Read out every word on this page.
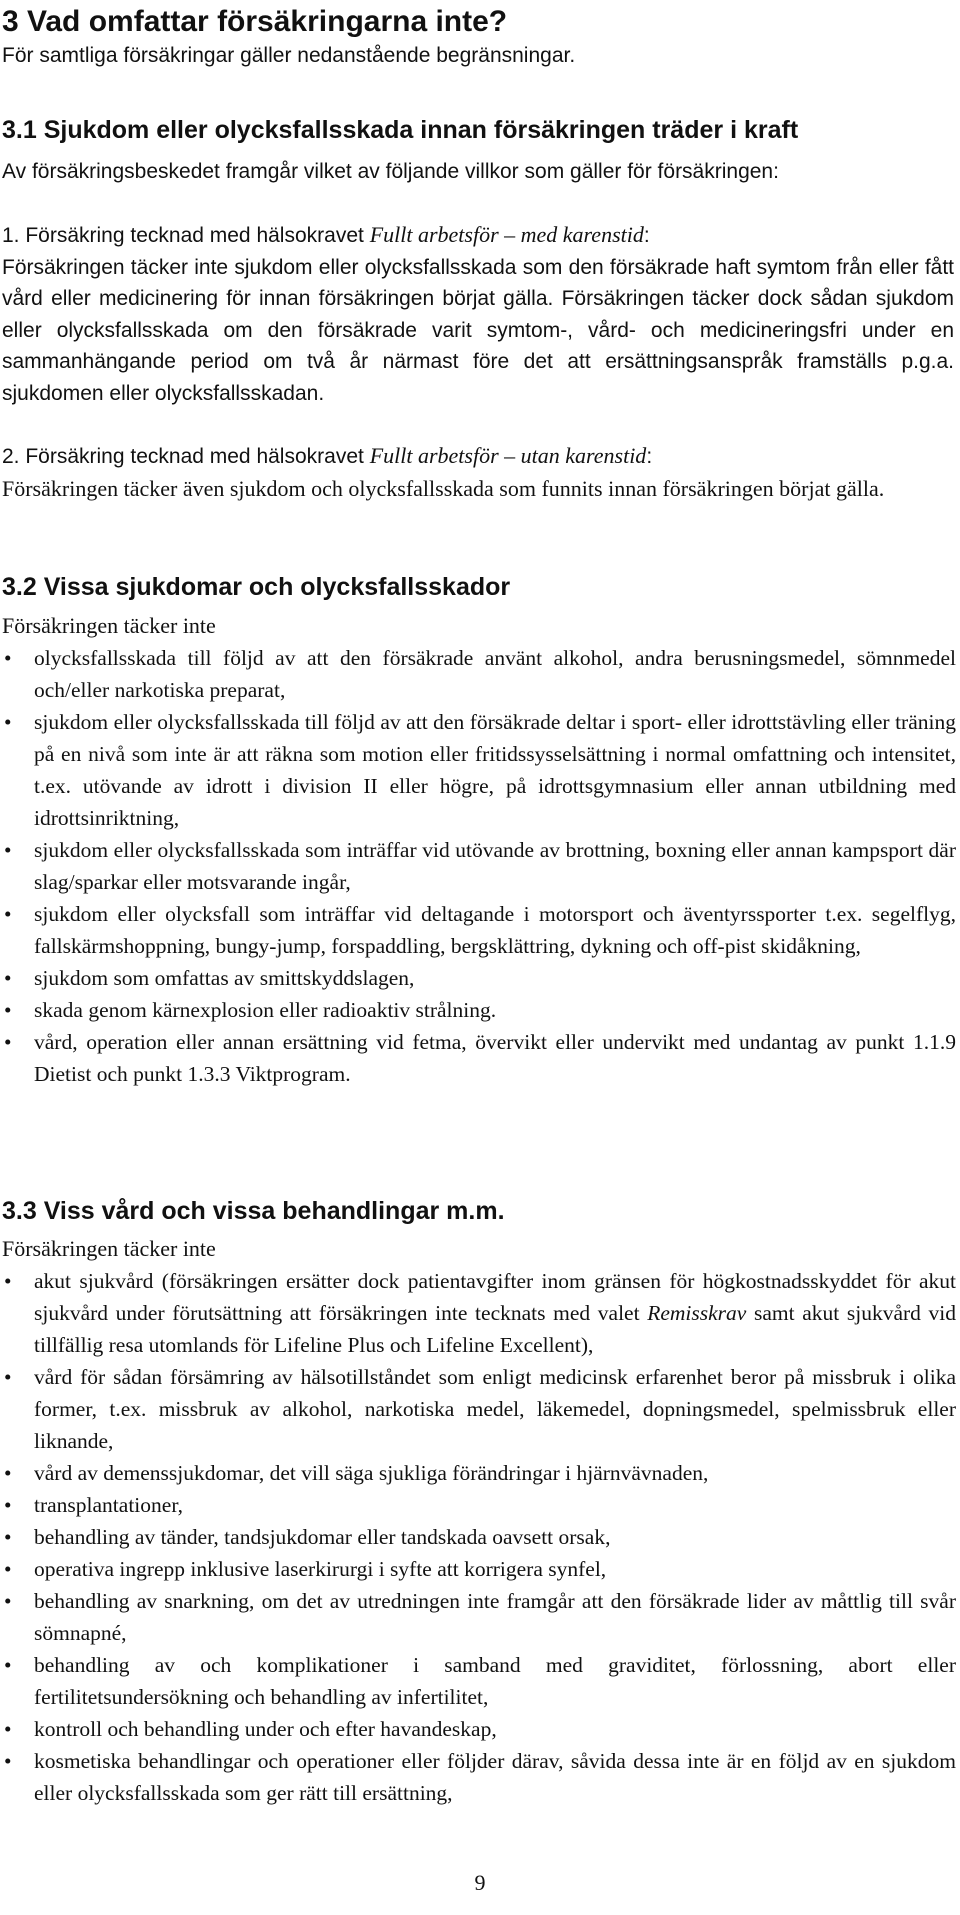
3 Vad omfattar försäkringarna inte?
För samtliga försäkringar gäller nedanstående begränsningar.
3.1 Sjukdom eller olycksfallsskada innan försäkringen träder i kraft
Av försäkringsbeskedet framgår vilket av följande villkor som gäller för försäkringen:
1. Försäkring tecknad med hälsokravet Fullt arbetsför – med karenstid:
Försäkringen täcker inte sjukdom eller olycksfallsskada som den försäkrade haft symtom från eller fått vård eller medicinering för innan försäkringen börjat gälla. Försäkringen täcker dock sådan sjukdom eller olycksfallsskada om den försäkrade varit symtom-, vård- och medicineringsfri under en sammanhängande period om två år närmast före det att ersättningsanspråk framställs p.g.a. sjukdomen eller olycksfallsskadan.
2. Försäkring tecknad med hälsokravet Fullt arbetsför – utan karenstid:
Försäkringen täcker även sjukdom och olycksfallsskada som funnits innan försäkringen börjat gälla.
3.2 Vissa sjukdomar och olycksfallsskador
Försäkringen täcker inte
• olycksfallsskada till följd av att den försäkrade använt alkohol, andra berusningsmedel, sömnmedel och/eller narkotiska preparat,
• sjukdom eller olycksfallsskada till följd av att den försäkrade deltar i sport- eller idrottstävling eller träning på en nivå som inte är att räkna som motion eller fritidssysselsättning i normal omfattning och intensitet, t.ex. utövande av idrott i division II eller högre, på idrottsgymnasium eller annan utbildning med idrottsinriktning,
• sjukdom eller olycksfallsskada som inträffar vid utövande av brottning, boxning eller annan kampsport där slag/sparkar eller motsvarande ingår,
• sjukdom eller olycksfall som inträffar vid deltagande i motorsport och äventyrssporter t.ex. segelflyg, fallskärmshoppning, bungy-jump, forspaddling, bergsklättring, dykning och off-pist skidåkning,
• sjukdom som omfattas av smittskyddslagen,
• skada genom kärnexplosion eller radioaktiv strålning.
• vård, operation eller annan ersättning vid fetma, övervikt eller undervikt med undantag av punkt 1.1.9 Dietist och punkt 1.3.3 Viktprogram.
3.3 Viss vård och vissa behandlingar m.m.
Försäkringen täcker inte
• akut sjukvård (försäkringen ersätter dock patientavgifter inom gränsen för högkostnadsskyddet för akut sjukvård under förutsättning att försäkringen inte tecknats med valet Remisskrav samt akut sjukvård vid tillfällig resa utomlands för Lifeline Plus och Lifeline Excellent),
• vård för sådan försämring av hälsotillståndet som enligt medicinsk erfarenhet beror på missbruk i olika former, t.ex. missbruk av alkohol, narkotiska medel, läkemedel, dopningsmedel, spelmissbruk eller liknande,
• vård av demenssjukdomar, det vill säga sjukliga förändringar i hjärnvävnaden,
• transplantationer,
• behandling av tänder, tandsjukdomar eller tandskada oavsett orsak,
• operativa ingrepp inklusive laserkirurgi i syfte att korrigera synfel,
• behandling av snarkning, om det av utredningen inte framgår att den försäkrade lider av måttlig till svår sömnapné,
• behandling av och komplikationer i samband med graviditet, förlossning, abort eller fertilitetsundersökning och behandling av infertilitet,
• kontroll och behandling under och efter havandeskap,
• kosmetiska behandlingar och operationer eller följder därav, såvida dessa inte är en följd av en sjukdom eller olycksfallsskada som ger rätt till ersättning,
9
